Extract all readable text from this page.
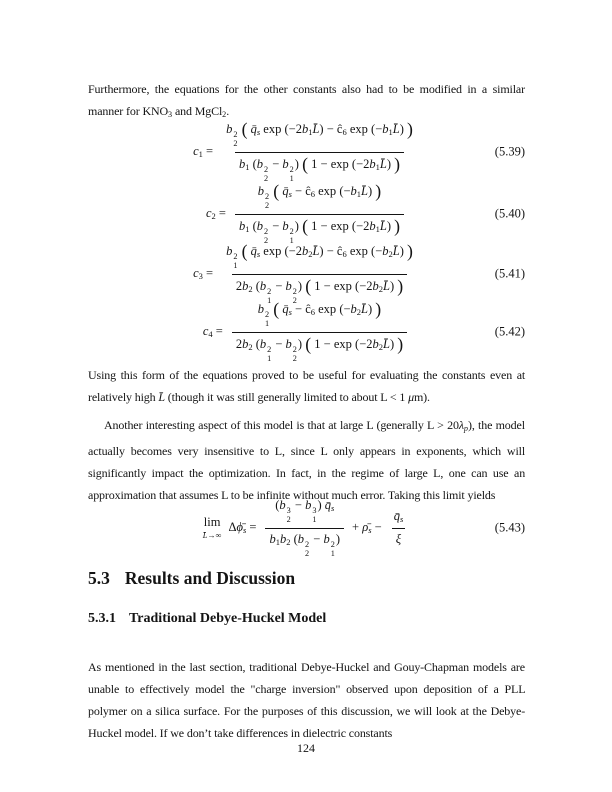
Furthermore, the equations for the other constants also had to be modified in a similar manner for KNO3 and MgCl2.

c1 = b 2
2
( q̄s exp (−2b1L̄) − ĉ6 exp (−b1L̄) )
b1 (b 2
2
− b 2
1
) ( 1 − exp (−2b1L̄) )	(5.39)
c2 = b 2
2
( q̄s − ĉ6 exp (−b1L̄) )
b1 (b 2
2
− b 2
1
) ( 1 − exp (−2b1L̄) )	(5.40)
c3 = b 2
1
( q̄s exp (−2b2L̄) − ĉ6 exp (−b2L̄) )
2b2 (b 2
1
− b 2
2
) ( 1 − exp (−2b2L̄) )	(5.41)
c4 = b 2
1
( q̄s − ĉ6 exp (−b2L̄) )
2b2 (b 2
1
− b 2
2
) ( 1 − exp (−2b2L̄) )	(5.42)

Using this form of the equations proved to be useful for evaluating the constants even at relatively high L̄ (though it was still generally limited to about L < 1 μm).

Another interesting aspect of this model is that at large L (generally L > 20λp), the model actually becomes very insensitive to L, since L only appears in exponents, which will significantly impact the optimization. In fact, in the regime of large L, one can use an approximation that assumes L to be infinite without much error. Taking this limit yields

lim
L̄→∞
Δϕ̄s = (b 3
2
− b 3
1
) q̄s
b1b2 (b 2
2
− b 2
1
) + ρ̄s − $\frac{q̄s}{\xi}$	(5.43)
5.3 Results and Discussion
5.3.1 Traditional Debye-Huckel Model

As mentioned in the last section, traditional Debye-Huckel and Gouy-Chapman models are unable to effectively model the "charge inversion" observed upon deposition of a PLL polymer on a silica surface. For the purposes of this discussion, we will look at the Debye-Huckel model. If we don’t take differences in dielectric constants

124
